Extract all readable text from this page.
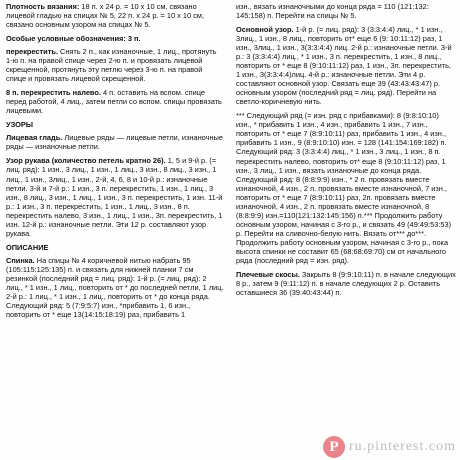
Плотность вязания: 18 п. х 24 р. = 10 х 10 см, связано лицевой гладью на спицах № 5, 22 п. х 24 р. = 10 х 10 см, связано основным узором на спицах № 5.
Особые условные обозначения: 3 п.
перекрестить. Снять 2 п., как изнаночные, 1 лиц., протянуть 1-ю п. на правой спице через 2-ю п. и провязать лицевой скрещенной, протянуть эту петлю через 3-ю п. на правой спице и провязать лицевой скрещенной.
8 п. перекрестить налево. 4 п. оставить на вспом. спице перед работой, 4 лиц., затем петли со вспом. спицы провязать лицевыми.
УЗОРЫ
Лицевая гладь. Лицевые ряды — лицевые петли, изнаночные ряды — изнаночные петли.
Узор рукава (количество петель кратно 26). 1, 5 и 9-й р. (= лиц. ряд): 1 изн., 3 лиц., 1 изн., 1 лиц., 3 изн., 8 лиц., 3 изн., 1 лиц., 1 изн., 3лиц., 1 изн., 2-й, 4, 6, 8 и 10-й р.: изнаночные петли. 3-й и 7-й р.: 1 изн., 3 п. перекрестить, 1 изн., 1 лиц., 3 изн., 8 лиц., 3 изн., 1 лиц., 1 изн., 3 п. перекрестить, 1 изн. 11-й р.: 1 изн., 3 п. перекрестить, 1 изн., 1 лиц., 3 изн., 8 п. перекрестить налево, 3 изн., 1 лиц., 1 изн., 3п. перекрестить, 1 изн. 12-й р.: изнаночные петли. Эти 12 р. составляют узор рукава.
ОПИСАНИЕ
Спинка. На спицы № 4 коричневой нитью набрать 95 (105:115:125:135) п. и связать для нижней планки 7 см резинкой (последний ряд = лиц. ряд): 1-й р. (= лиц. ряд): 2 лиц., * 1 изн., 1 лиц., повторить от * до последней петли, 1 лиц. 2-й р.: 1 лиц., * 1 изн., 1 лиц., повторить от * до конца ряда. Следующий ряд: 5 (7:9:5:7) изн., *прибавить 1, 6 изн., повторить от * еще 13(14:15:18:19) раз, прибавить 1
изн., вязать изнаночными до конца ряда = 110 (121:132: 145:158) п. Перейти на спицы № 5.
Основной узор. 1-й р. (= лиц. ряд): 3 (3:3:4:4) лиц., * 1 изн., 3лиц., 1 изн., 8 лиц., повторить от* еще 6 (9: 10:11:12) раз, 1 изн., 3лиц., 1 изн., 3(3:3:4:4) лиц. 2-й р.: изнаночные петли. 3-й р.: 3 (3:3:4:4) лиц., * 1 изн., 3 п. перекрестить, 1 изн., 8 лиц., повторить от * еще 8 (9:10:11:12) раз, 1 изн., 3п. перекрестить, 1 изн., 3(3:3:4:4)лиц. 4-й р.: изнаночные петли. Эти 4 р. составляют основной узор. Связать еще 39 (43:43:43:47) р. основным узором (последний ряд = лиц. ряд). Перейти на светло-коричневую нить.
*** Следующий ряд (= изн. ряд с прибавками): 8 (9:8:10:10) изн., * прибавить 1 изн., 4 изн., прибавить 1 изн., 7 изн., повторить от * еще 7 (8:9:10:11) раз, прибавить 1 изн., 4 изн., прибавить 1 изн., 9 (8:9:10:10) изн. = 128 (141:154:169:182) п. Следующий ряд: 3 (3:3:4:4) лиц., * 1 изн., 3 лиц., 1 изн., 8 п. перекрестить налево, повторить от* еще 8 (9:10:11:12) раз, 1 изн., 3 лиц., 1 изн., вязать изнаночные до конца ряда. Следующий ряд: 8 (8:8:9:9) изн., * 2 п. провязать вместе изнаночной, 4 изн., 2 п. провязать вместе изнаночной, 7 изн., повторить от * еще 7 (8:9:10:11) раз, 2п. провязать вместе изнаночной, 4 изн., 2 п. провязать вместе изнаночной, 8 (8:8:9:9) изн.=110(121:132:145:156) п.*** Продолжить работу основным узором, начиная с 3-го р., и связать 49 (49:49:53:53) р. Перейти на сливочно-белую нить. Вязать от*** до***. Продолжить работу основным узором, начиная с 3-го р., пока высота спинки не составит 65 (68:68:69:70) см от начального ряда (последний ряд = изн. ряд).
Плечевые скосы. Закрыть 8 (9:9:10:11) п. в начале следующих 8 р., затем 9 (9:11:12) п. в начале следующих 2 р. Оставить оставшиеся 36 (39:40:43:44) п.
P ru.pinterest.com
